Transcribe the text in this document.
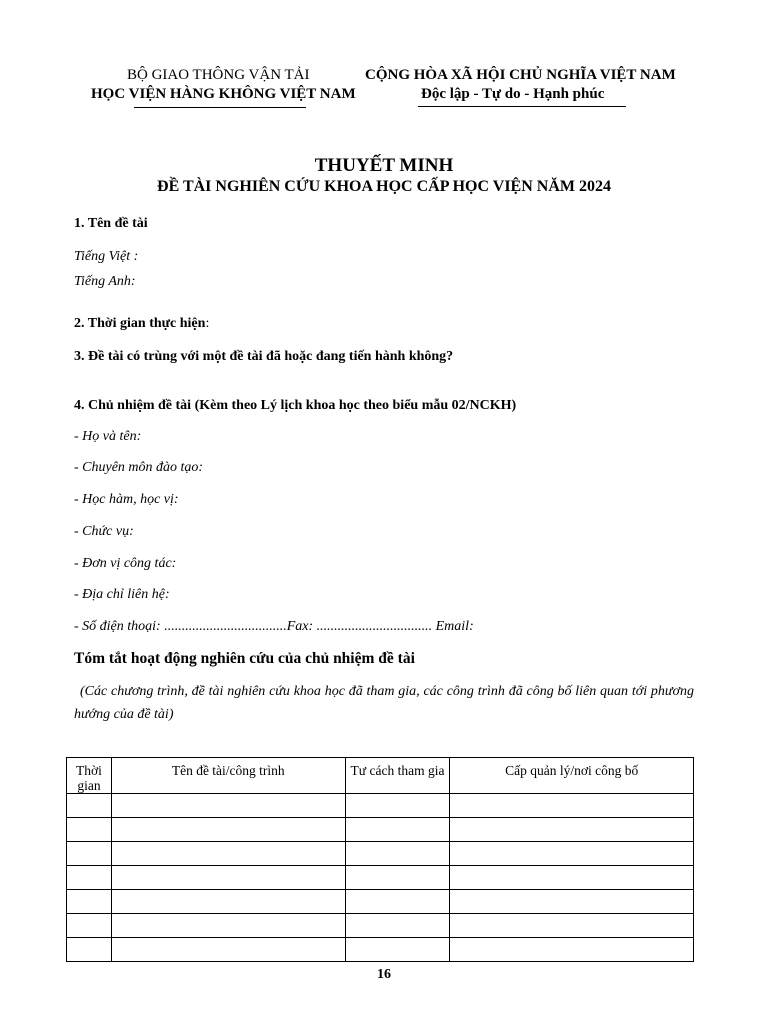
BỘ GIAO THÔNG VẬN TẢI
HỌC VIỆN HÀNG KHÔNG VIỆT NAM
CỘNG HÒA XÃ HỘI CHỦ NGHĨA VIỆT NAM
Độc lập - Tự do - Hạnh phúc
THUYẾT MINH
ĐỀ TÀI NGHIÊN CỨU KHOA HỌC CẤP HỌC VIỆN NĂM 2024
1. Tên đề tài
Tiếng Việt :
Tiếng Anh:
2. Thời gian thực hiện:
3. Đề tài có trùng với một đề tài đã hoặc đang tiến hành không?
4. Chủ nhiệm đề tài (Kèm theo Lý lịch khoa học theo biểu mẫu 02/NCKH)
- Họ và tên:
- Chuyên môn đào tạo:
- Học hàm, học vị:
- Chức vụ:
- Đơn vị công tác:
- Địa chỉ liên hệ:
- Số điện thoại: ...................................Fax: ................................. Email:
Tóm tắt hoạt động nghiên cứu của chủ nhiệm đề tài
(Các chương trình, đề tài nghiên cứu khoa học đã tham gia, các công trình đã công bố liên quan tới phương hướng của đề tài)
Thời gian	Tên đề tài/công trình	Tư cách tham gia	Cấp quản lý/nơi công bố

16
